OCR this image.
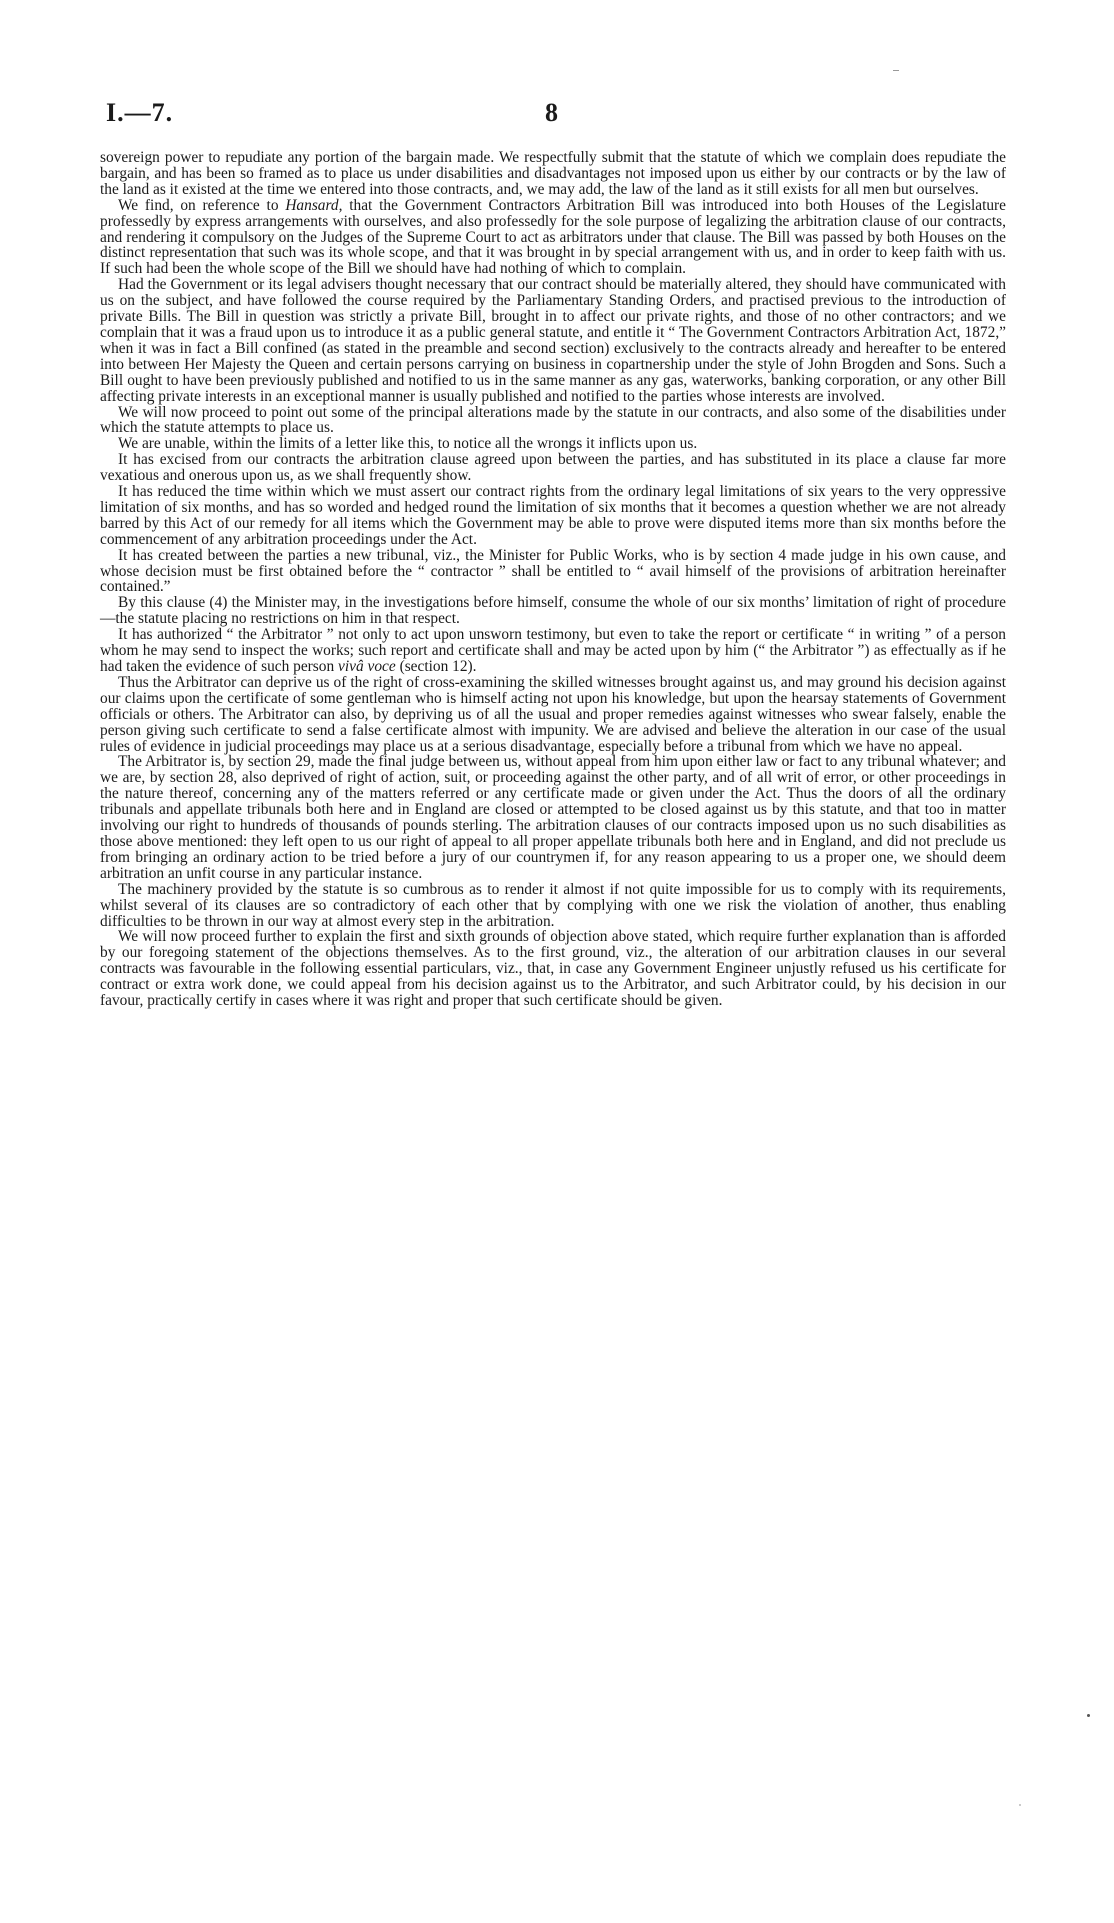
I.—7.	8

sovereign power to repudiate any portion of the bargain made. We respectfully submit that the statute of which we complain does repudiate the bargain, and has been so framed as to place us under disabilities and disadvantages not imposed upon us either by our contracts or by the law of the land as it existed at the time we entered into those contracts, and, we may add, the law of the land as it still exists for all men but ourselves.

We find, on reference to Hansard, that the Government Contractors Arbitration Bill was introduced into both Houses of the Legislature professedly by express arrangements with ourselves, and also professedly for the sole purpose of legalizing the arbitration clause of our contracts, and rendering it compulsory on the Judges of the Supreme Court to act as arbitrators under that clause. The Bill was passed by both Houses on the distinct representation that such was its whole scope, and that it was brought in by special arrangement with us, and in order to keep faith with us. If such had been the whole scope of the Bill we should have had nothing of which to complain.

Had the Government or its legal advisers thought necessary that our contract should be materially altered, they should have communicated with us on the subject, and have followed the course required by the Parliamentary Standing Orders, and practised previous to the introduction of private Bills. The Bill in question was strictly a private Bill, brought in to affect our private rights, and those of no other contractors; and we complain that it was a fraud upon us to introduce it as a public general statute, and entitle it “ The Government Contractors Arbitration Act, 1872,” when it was in fact a Bill confined (as stated in the preamble and second section) exclusively to the contracts already and hereafter to be entered into between Her Majesty the Queen and certain persons carrying on business in copartnership under the style of John Brogden and Sons. Such a Bill ought to have been previously published and notified to us in the same manner as any gas, waterworks, banking corporation, or any other Bill affecting private interests in an exceptional manner is usually published and notified to the parties whose interests are involved.

We will now proceed to point out some of the principal alterations made by the statute in our contracts, and also some of the disabilities under which the statute attempts to place us.

We are unable, within the limits of a letter like this, to notice all the wrongs it inflicts upon us.

It has excised from our contracts the arbitration clause agreed upon between the parties, and has substituted in its place a clause far more vexatious and onerous upon us, as we shall frequently show.

It has reduced the time within which we must assert our contract rights from the ordinary legal limitations of six years to the very oppressive limitation of six months, and has so worded and hedged round the limitation of six months that it becomes a question whether we are not already barred by this Act of our remedy for all items which the Government may be able to prove were disputed items more than six months before the commencement of any arbitration proceedings under the Act.

It has created between the parties a new tribunal, viz., the Minister for Public Works, who is by section 4 made judge in his own cause, and whose decision must be first obtained before the “ contractor ” shall be entitled to “ avail himself of the provisions of arbitration hereinafter contained.”

By this clause (4) the Minister may, in the investigations before himself, consume the whole of our six months’ limitation of right of procedure—the statute placing no restrictions on him in that respect.

It has authorized “ the Arbitrator ” not only to act upon unsworn testimony, but even to take the report or certificate “ in writing ” of a person whom he may send to inspect the works; such report and certificate shall and may be acted upon by him (“ the Arbitrator ”) as effectually as if he had taken the evidence of such person vivâ voce (section 12).

Thus the Arbitrator can deprive us of the right of cross-examining the skilled witnesses brought against us, and may ground his decision against our claims upon the certificate of some gentleman who is himself acting not upon his knowledge, but upon the hearsay statements of Government officials or others. The Arbitrator can also, by depriving us of all the usual and proper remedies against witnesses who swear falsely, enable the person giving such certificate to send a false certificate almost with impunity. We are advised and believe the alteration in our case of the usual rules of evidence in judicial proceedings may place us at a serious disadvantage, especially before a tribunal from which we have no appeal.

The Arbitrator is, by section 29, made the final judge between us, without appeal from him upon either law or fact to any tribunal whatever; and we are, by section 28, also deprived of right of action, suit, or proceeding against the other party, and of all writ of error, or other proceedings in the nature thereof, concerning any of the matters referred or any certificate made or given under the Act. Thus the doors of all the ordinary tribunals and appellate tribunals both here and in England are closed or attempted to be closed against us by this statute, and that too in matter involving our right to hundreds of thousands of pounds sterling. The arbitration clauses of our contracts imposed upon us no such disabilities as those above mentioned: they left open to us our right of appeal to all proper appellate tribunals both here and in England, and did not preclude us from bringing an ordinary action to be tried before a jury of our countrymen if, for any reason appearing to us a proper one, we should deem arbitration an unfit course in any particular instance.

The machinery provided by the statute is so cumbrous as to render it almost if not quite impossible for us to comply with its requirements, whilst several of its clauses are so contradictory of each other that by complying with one we risk the violation of another, thus enabling difficulties to be thrown in our way at almost every step in the arbitration.

We will now proceed further to explain the first and sixth grounds of objection above stated, which require further explanation than is afforded by our foregoing statement of the objections themselves. As to the first ground, viz., the alteration of our arbitration clauses in our several contracts was favourable in the following essential particulars, viz., that, in case any Government Engineer unjustly refused us his certificate for contract or extra work done, we could appeal from his decision against us to the Arbitrator, and such Arbitrator could, by his decision in our favour, practically certify in cases where it was right and proper that such certificate should be given.
